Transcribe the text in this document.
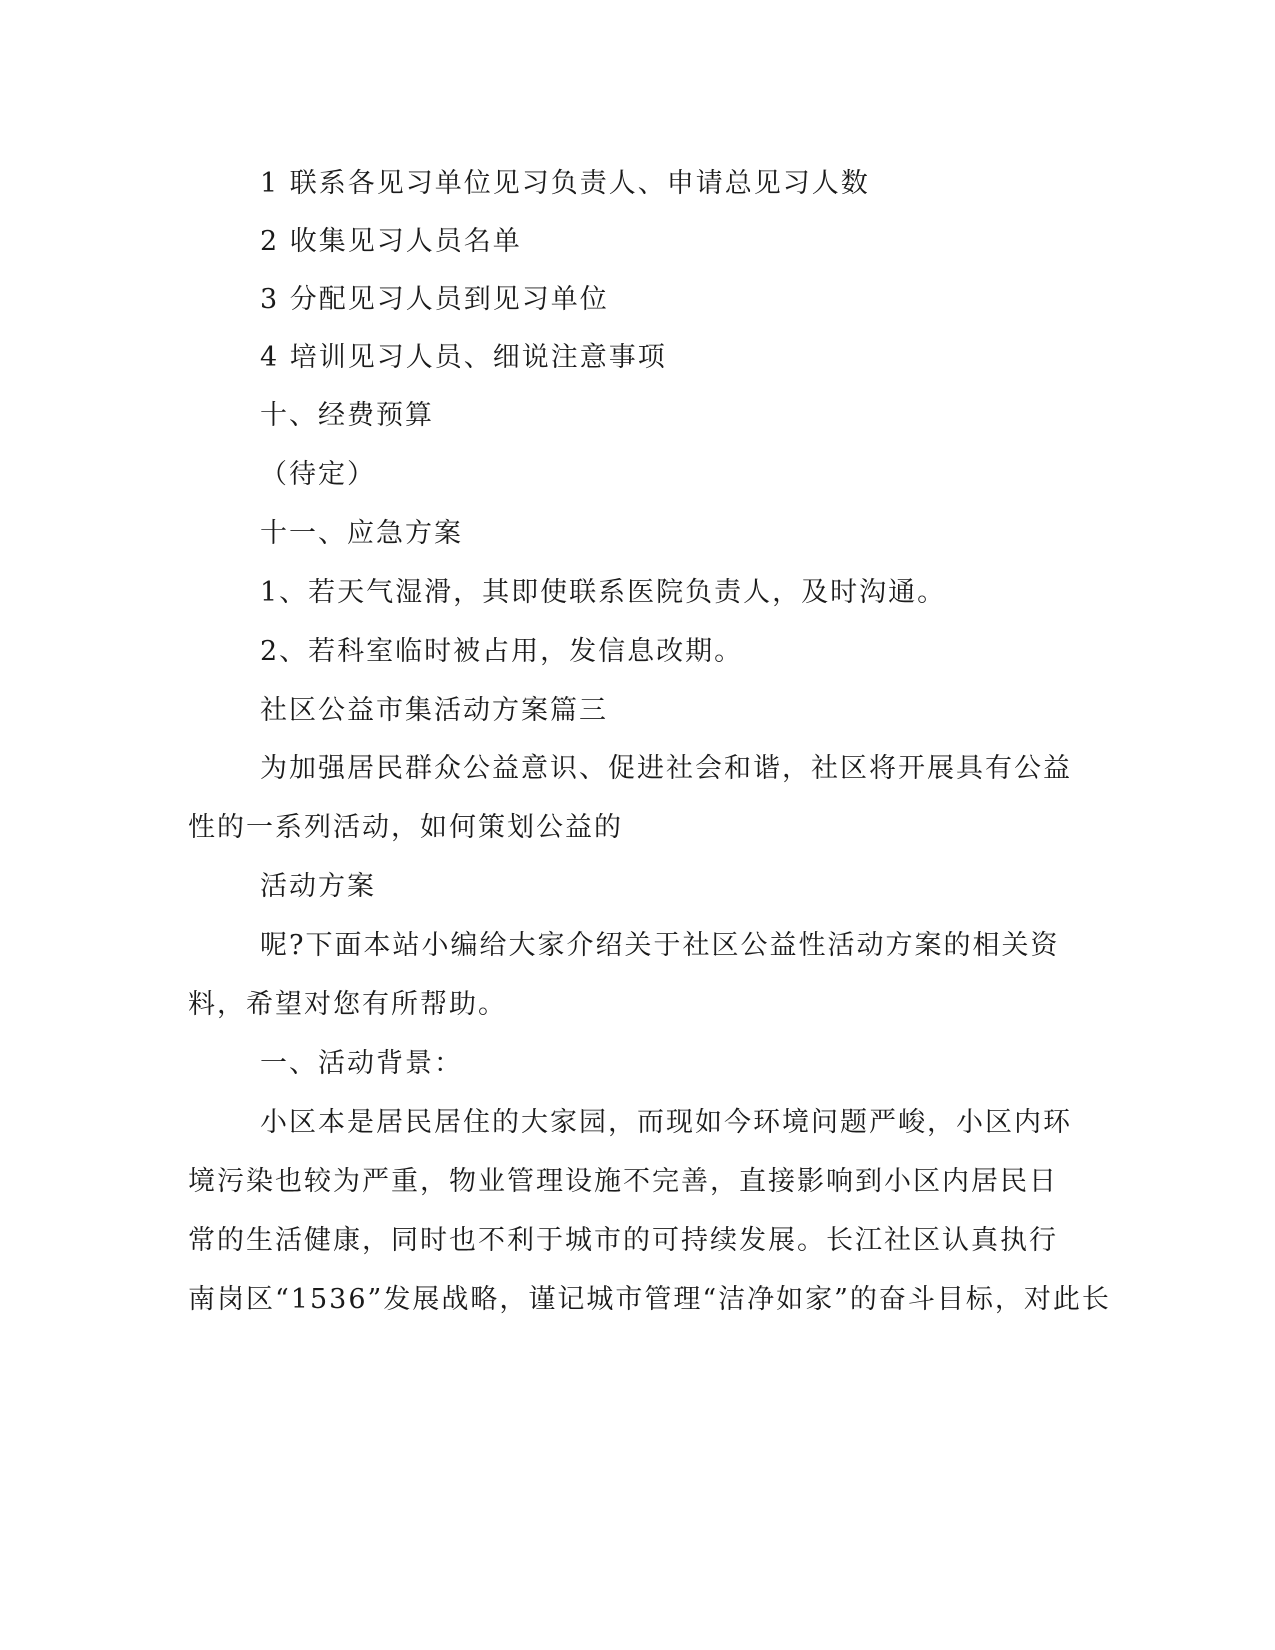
1 联系各见习单位见习负责人、申请总见习人数
2 收集见习人员名单
3 分配见习人员到见习单位
4 培训见习人员、细说注意事项
十、经费预算
（待定）
十一、应急方案
1、若天气湿滑，其即使联系医院负责人，及时沟通。
2、若科室临时被占用，发信息改期。
社区公益市集活动方案篇三
为加强居民群众公益意识、促进社会和谐，社区将开展具有公益
性的一系列活动，如何策划公益的
活动方案
呢?下面本站小编给大家介绍关于社区公益性活动方案的相关资
料，希望对您有所帮助。
一、活动背景：
小区本是居民居住的大家园，而现如今环境问题严峻，小区内环
境污染也较为严重，物业管理设施不完善，直接影响到小区内居民日
常的生活健康，同时也不利于城市的可持续发展。长江社区认真执行
南岗区“1536”发展战略，谨记城市管理“洁净如家”的奋斗目标，对此长
